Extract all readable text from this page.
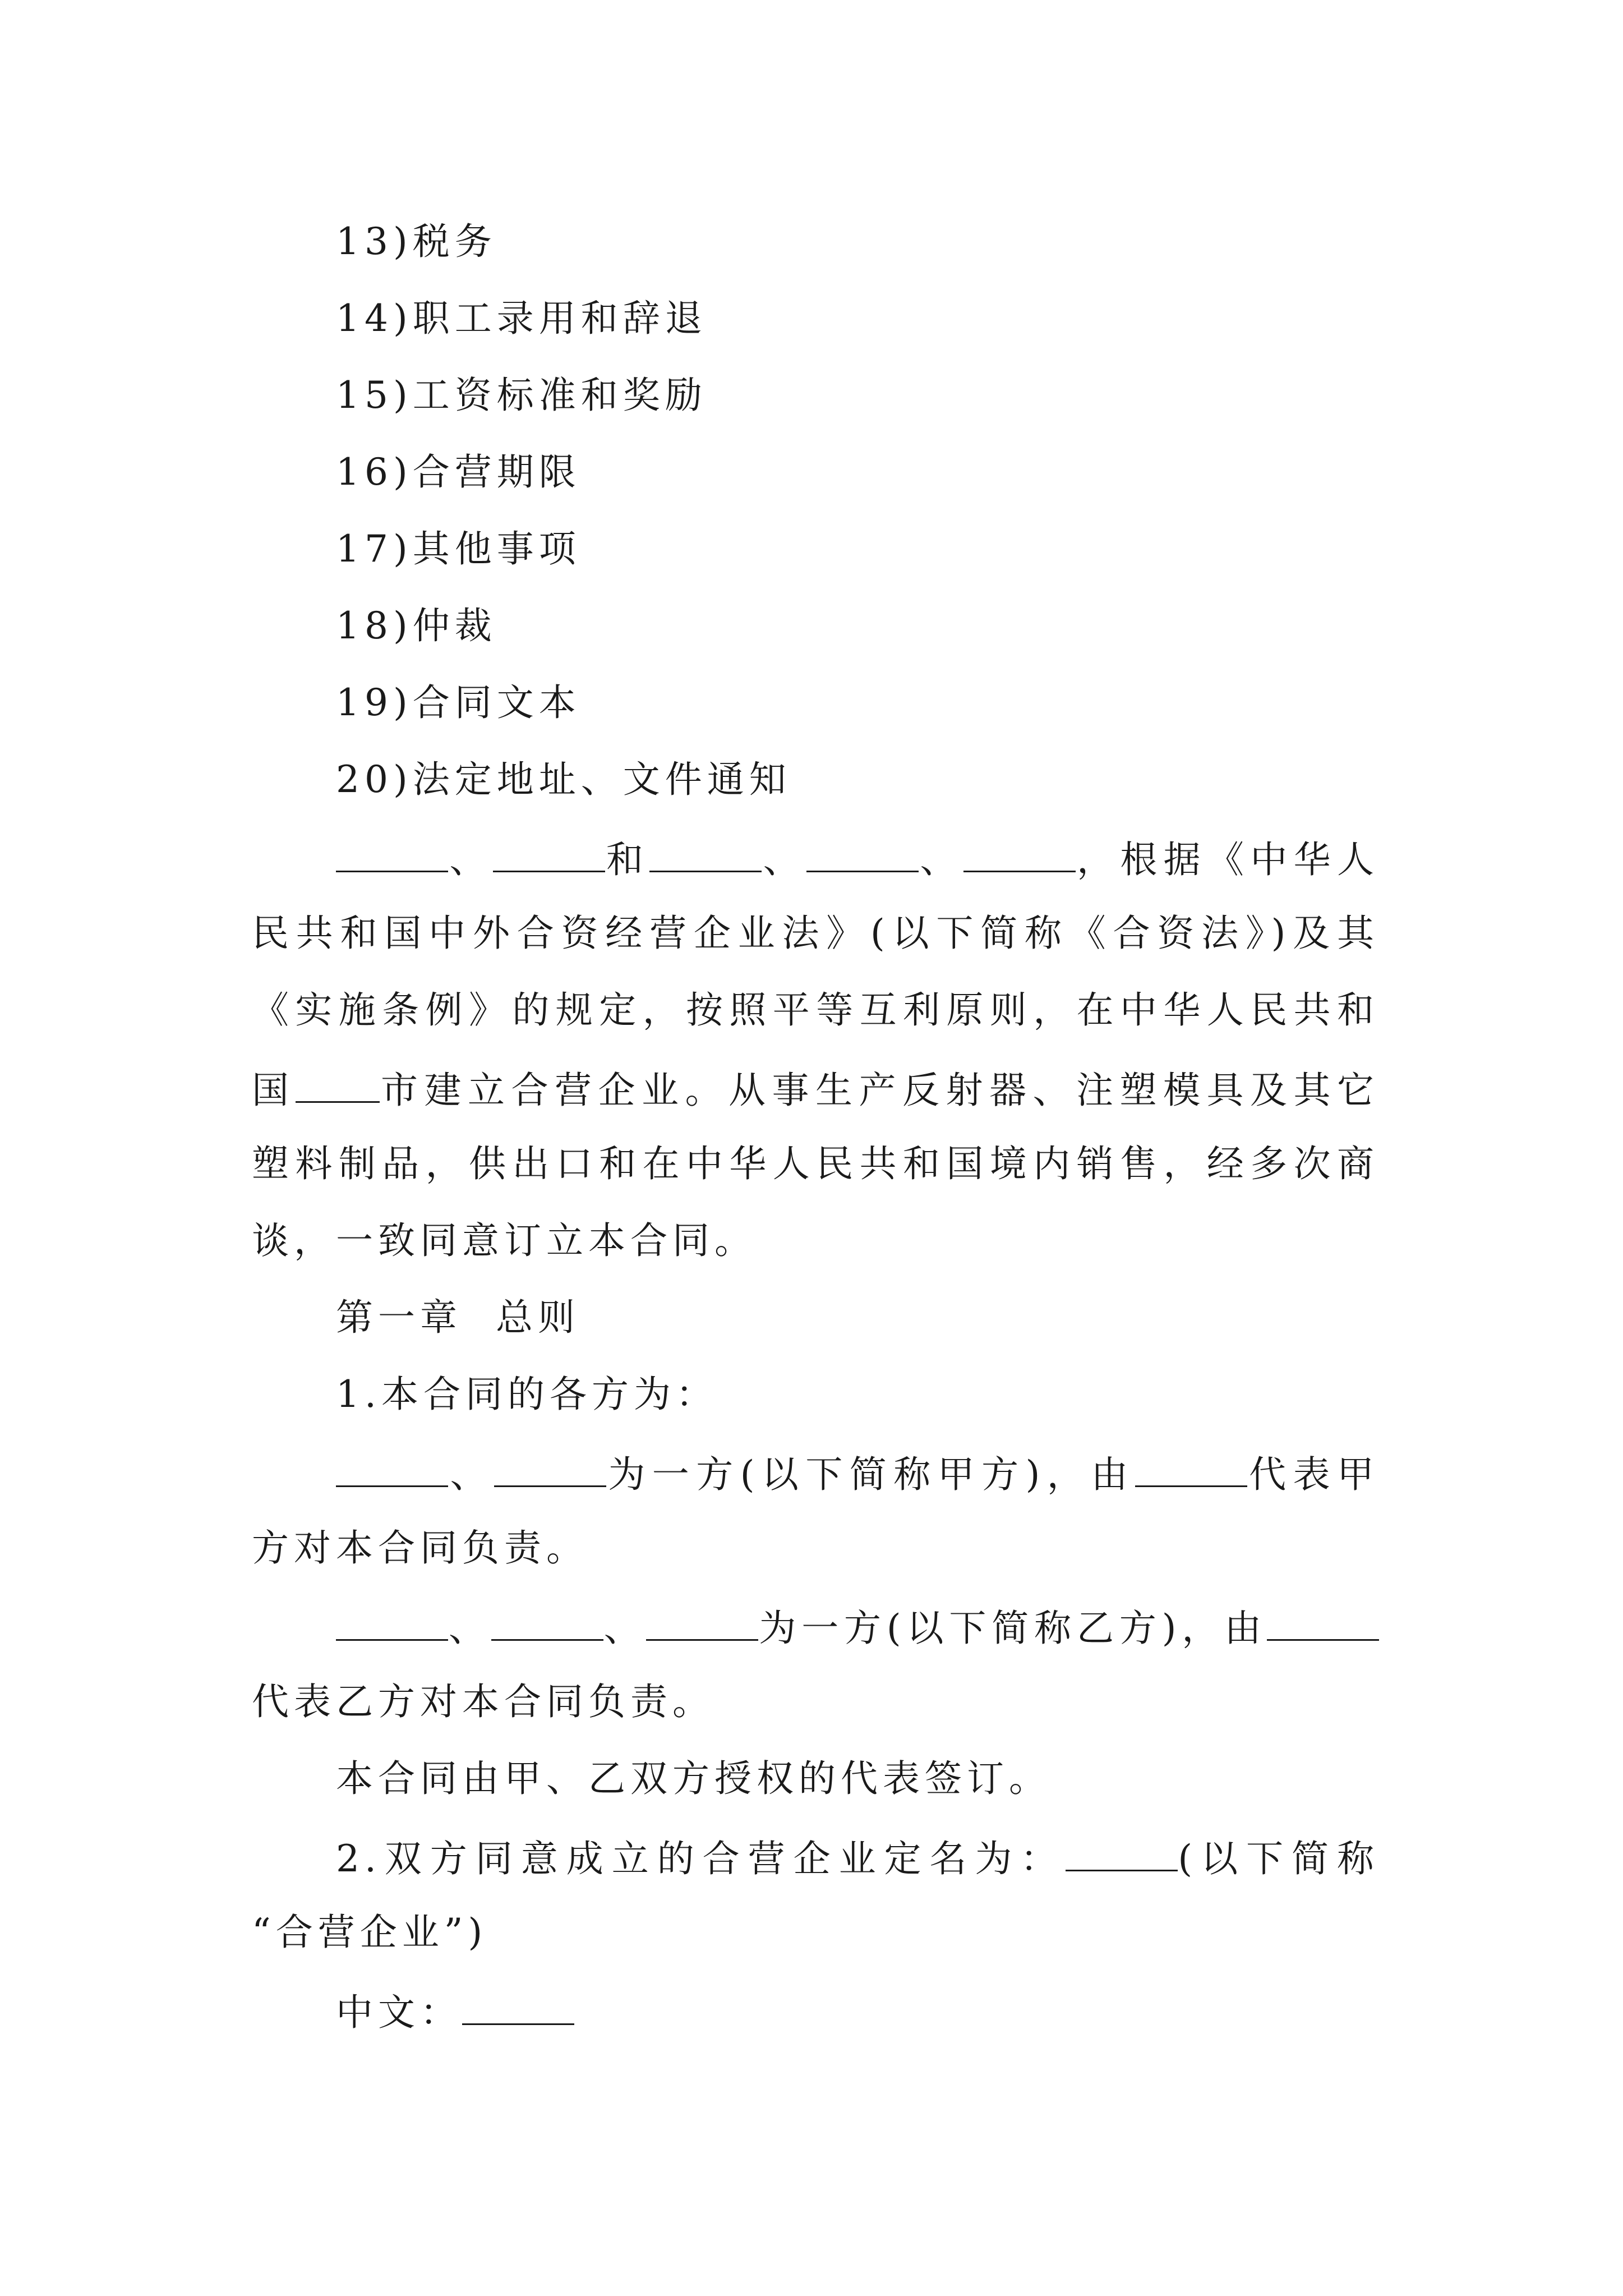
13)税务
14)职工录用和辞退
15)工资标准和奖励
16)合营期限
17)其他事项
18)仲裁
19)合同文本
20)法定地址、文件通知
、	和	、	、	，根据《中华人
民共和国中外合资经营企业法》(以下简称《合资法》)及其
《实施条例》的规定，按照平等互利原则，在中华人民共和
国 市建立合营企业。从事生产反射器、注塑模具及其它
塑料制品，供出口和在中华人民共和国境内销售，经多次商
谈，一致同意订立本合同。
第一章  总则
1.本合同的各方为：
、	为一方(以下简称甲方)，由	代表甲
方对本合同负责。
、	、	为一方(以下简称乙方)，由
代表乙方对本合同负责。
本合同由甲、乙双方授权的代表签订。
2.双方同意成立的合营企业定名为：	(以下简称
“合营企业”)
中文：
